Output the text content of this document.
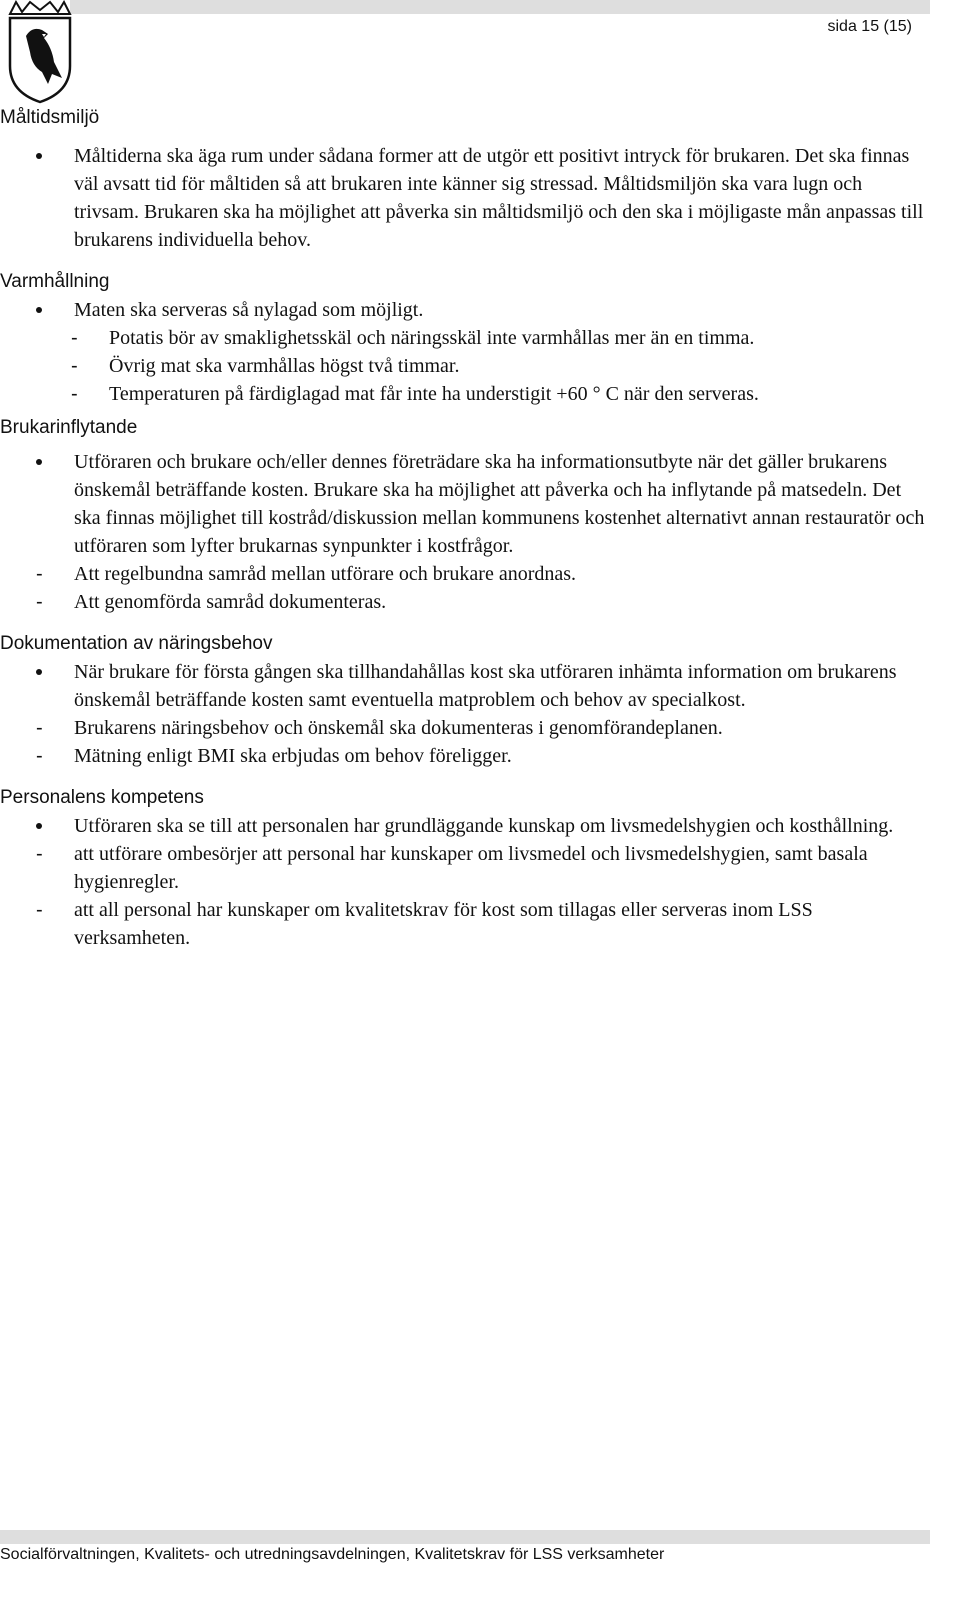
sida 15 (15)
Måltidsmiljö

Måltiderna ska äga rum under sådana former att de utgör ett positivt intryck för brukaren. Det ska finnas väl avsatt tid för måltiden så att brukaren inte känner sig stressad. Måltidsmiljön ska vara lugn och trivsam. Brukaren ska ha möjlighet att påverka sin måltidsmiljö och den ska i möjligaste mån anpassas till brukarens individuella behov.

Varmhållning

Maten ska serveras så nylagad som möjligt.

- Potatis bör av smaklighetsskäl och näringsskäl inte varmhållas mer än en timma.
- Övrig mat ska varmhållas högst två timmar.
- Temperaturen på färdiglagad mat får inte ha understigit +60 ° C när den serveras.
Brukarinflytande

Utföraren och brukare och/eller dennes företrädare ska ha informationsutbyte när det gäller brukarens önskemål beträffande kosten. Brukare ska ha möjlighet att påverka och ha inflytande på matsedeln. Det ska finnas möjlighet till kostråd/diskussion mellan kommunens kostenhet alternativt annan restauratör och utföraren som lyfter brukarnas synpunkter i kostfrågor.

- Att regelbundna samråd mellan utförare och brukare anordnas.
- Att genomförda samråd dokumenteras.
Dokumentation av näringsbehov

När brukare för första gången ska tillhandahållas kost ska utföraren inhämta information om brukarens önskemål beträffande kosten samt eventuella matproblem och behov av specialkost.

- Brukarens näringsbehov och önskemål ska dokumenteras i genomförandeplanen.
- Mätning enligt BMI ska erbjudas om behov föreligger.
Personalens kompetens

Utföraren ska se till att personalen har grundläggande kunskap om livsmedelshygien och kosthållning.

- att utförare ombesörjer att personal har kunskaper om livsmedel och livsmedelshygien, samt basala hygienregler.
- att all personal har kunskaper om kvalitetskrav för kost som tillagas eller serveras inom LSS verksamheten.
Socialförvaltningen, Kvalitets- och utredningsavdelningen, Kvalitetskrav för LSS verksamheter
